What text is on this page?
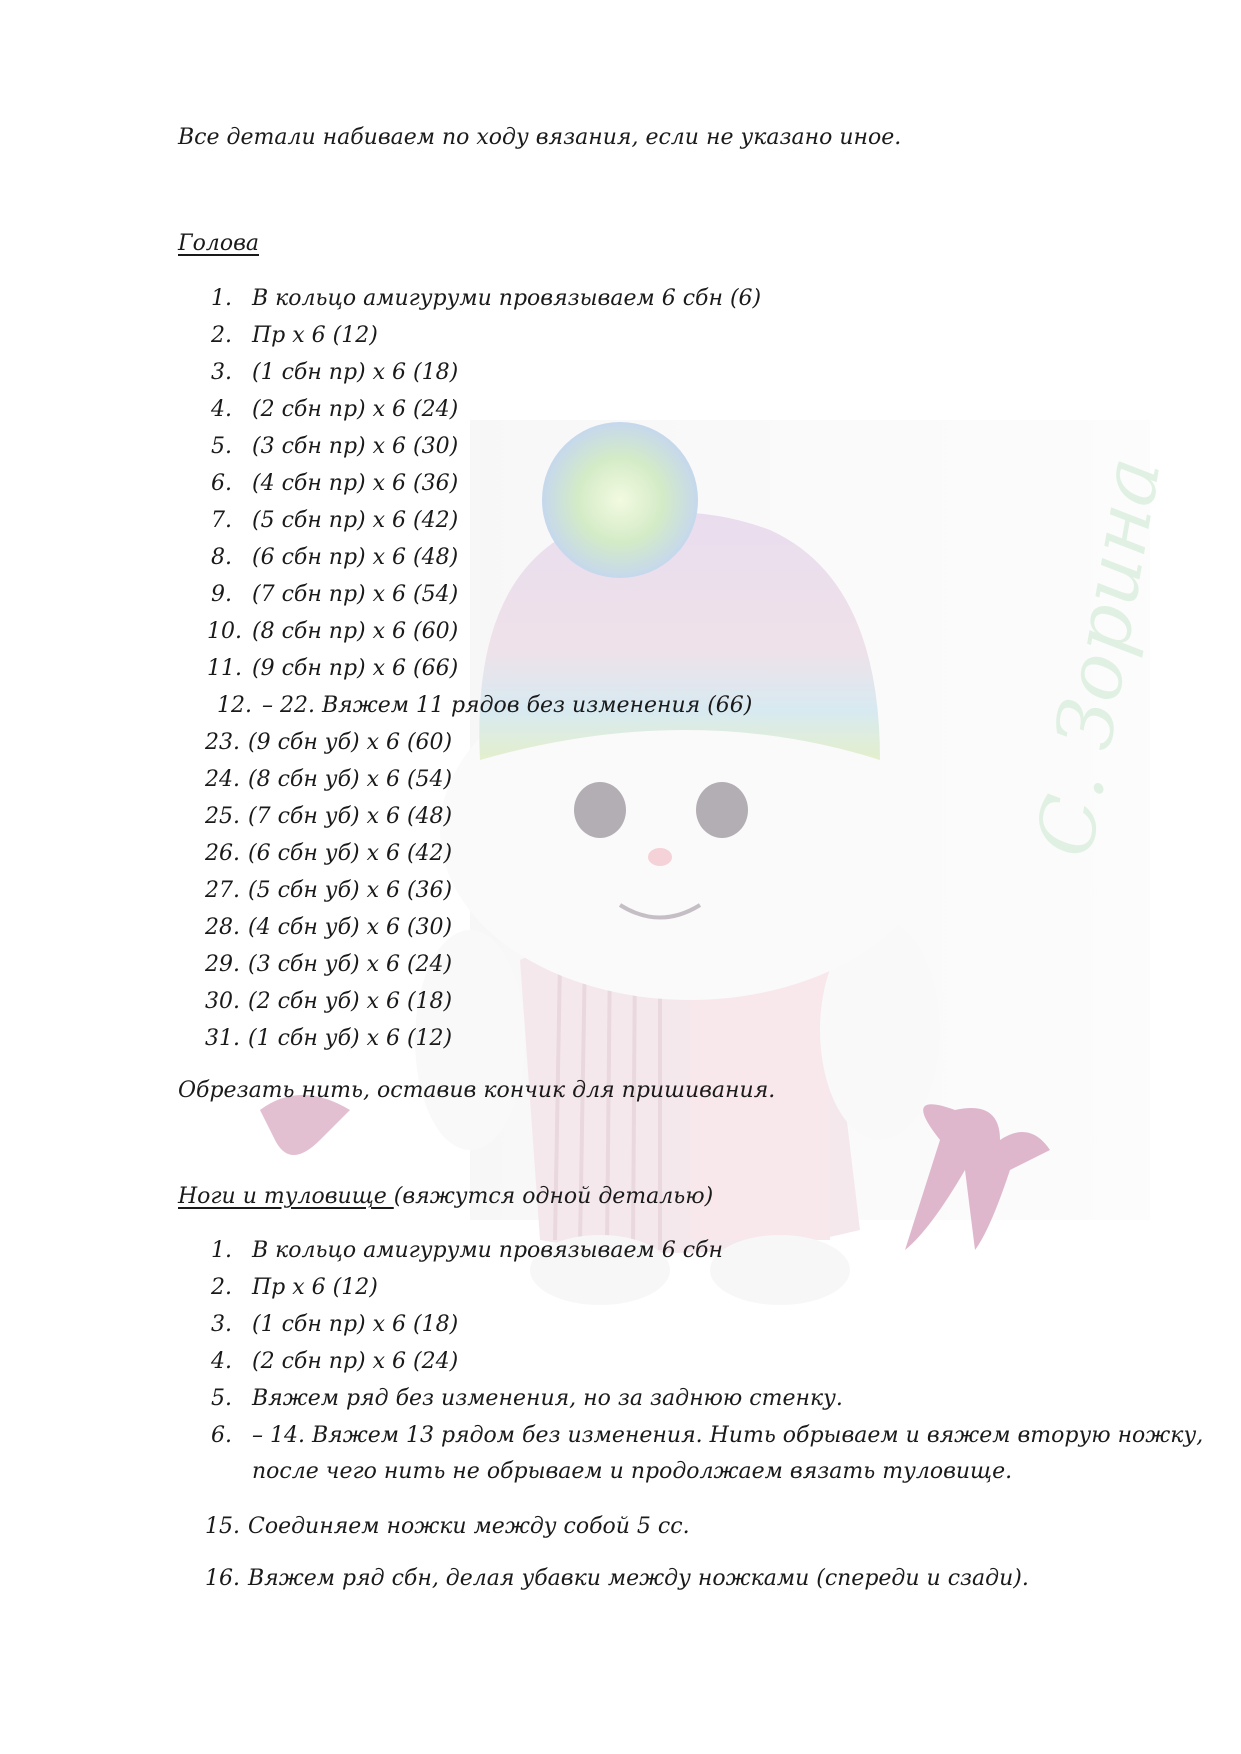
С. Зорина
Все детали набиваем по ходу вязания, если не указано иное.
Голова
1. В кольцо амигуруми провязываем 6 сбн (6)
2. Пр х 6 (12)
3. (1 сбн пр) х 6 (18)
4. (2 сбн пр) х 6 (24)
5. (3 сбн пр) х 6 (30)
6. (4 сбн пр) х 6 (36)
7. (5 сбн пр) х 6 (42)
8. (6 сбн пр) х 6 (48)
9. (7 сбн пр) х 6 (54)
10. (8 сбн пр) х 6 (60)
11. (9 сбн пр) х 6 (66)
12. – 22. Вяжем 11 рядов без изменения (66)
23. (9 сбн уб) х 6 (60)
24. (8 сбн уб) х 6 (54)
25. (7 сбн уб) х 6 (48)
26. (6 сбн уб) х 6 (42)
27. (5 сбн уб) х 6 (36)
28. (4 сбн уб) х 6 (30)
29. (3 сбн уб) х 6 (24)
30. (2 сбн уб) х 6 (18)
31. (1 сбн уб) х 6 (12)
Обрезать нить, оставив кончик для пришивания.
Ноги и туловище (вяжутся одной деталью)
1. В кольцо амигуруми провязываем 6 сбн
2. Пр х 6 (12)
3. (1 сбн пр) х 6 (18)
4. (2 сбн пр) х 6 (24)
5. Вяжем ряд без изменения, но за заднюю стенку.
6. – 14. Вяжем 13 рядом без изменения. Нить обрываем и вяжем вторую ножку,
после чего нить не обрываем и продолжаем вязать туловище.
15. Соединяем ножки между собой 5 сс.
16. Вяжем ряд сбн, делая убавки между ножками (спереди и сзади).
